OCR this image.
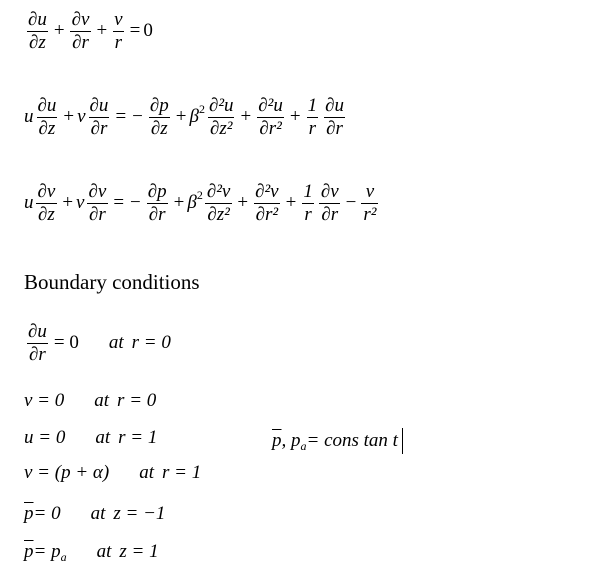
$\frac{\partial u}{\partial z} + \frac{\partial v}{\partial r} + \frac{v}{r} = 0$
u $\frac{\partial u}{\partial z} + v \frac{\partial u}{\partial r}$ = − $\frac{\partial p}{\partial z} + \beta$ $2 \frac{\text{∂²u}}{\text{∂z²}} + \frac{\text{∂²u}}{\text{∂r²}} + \frac{1}{r} \frac{\partial u}{\partial r}$
u $\frac{\partial v}{\partial z} + v \frac{\partial v}{\partial r}$ = − $\frac{\partial p}{\partial r} + \beta$ $2 \frac{\text{∂²v}}{\text{∂z²}} + \frac{\text{∂²v}}{\text{∂r²}} + \frac{1}{r} \frac{\partial v}{\partial r} - \frac{v}{\text{r²}}$
Boundary conditions
$\frac{\partial u}{\partial r} = 0$ at r = 0
v = 0 at r = 0
u = 0 at r = 1
v = (p + α) at r = 1
$\overline{p} = 0$ at z = −1
$\overline{p} = p$ a at z = 1
$\overline{p}$ , p a = cons tan t
